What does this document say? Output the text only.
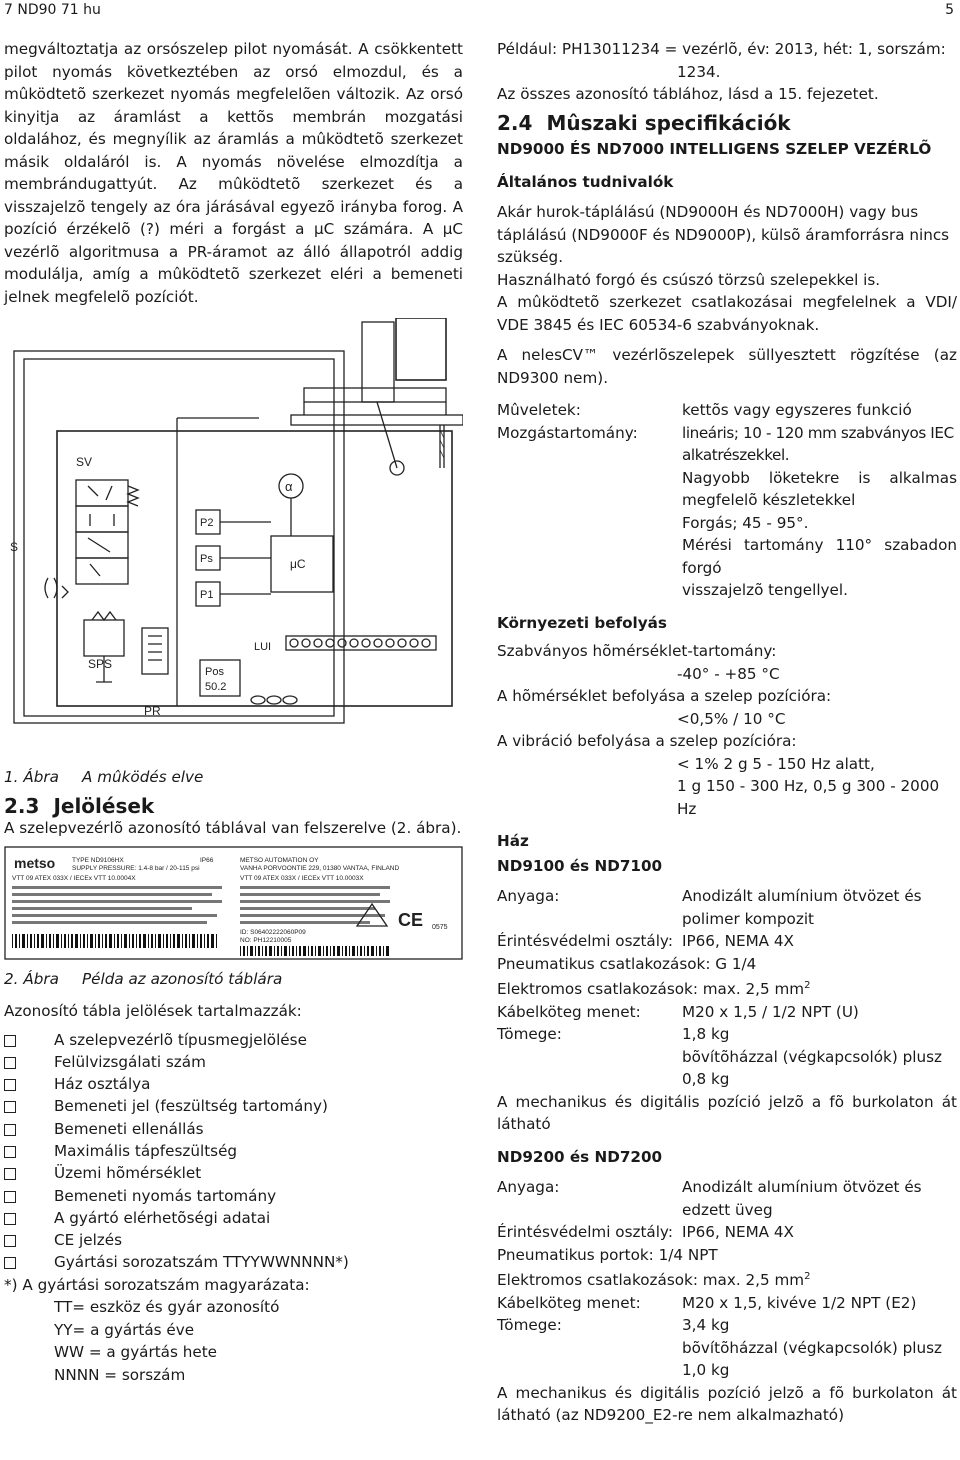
7 ND90 71 hu	5

megváltoztatja az orsószelep pilot nyomását. A csökkentett pilot nyomás következtében az orsó elmozdul, és a mûködtetõ szerkezet nyomás megfelelõen változik. Az orsó kinyitja az áramlást a kettõs membrán mozgatási oldalához, és megnyílik az áramlás a mûködtetõ szerkezet másik oldaláról is. A nyomás növelése elmozdítja a membrándugattyút. Az mûködtetõ szerkezet és a visszajelzõ tengely az óra járásával egyezõ irányba forog. A pozíció érzékelõ (?) méri a forgást a μC számára. A μC vezérlõ algoritmusa a PR-áramot az álló állapotról addig modulálja, amíg a mûködtetõ szerkezet eléri a bemeneti jelnek megfelelõ pozíciót.

SV
S
SPS
PR
P2
Ps
P1
α
μC
LUI
Pos
50.2

1. Ábra A mûködés elve

2.3 Jelölések

A szelepvezérlõ azonosító táblával van felszerelve (2. ábra).

metso	TYPE ND9106HX
SUPPLY PRESSURE: 1.4-8 bar / 20-115 psi
METSO AUTOMATION OY
VANHA PORVOONTIE 229, 01380 VANTAA, FINLAND
VTT 09 ATEX 033X / IECEx VTT 10.0004X	VTT 09 ATEX 033X / IECEx VTT 10.0003X
IP66
ID: S06402222060P09
NO: PH12210005
CE 0575

2. Ábra Példa az azonosító táblára

Azonosító tábla jelölések tartalmazzák:

A szelepvezérlõ típusmegjelölése
Felülvizsgálati szám
Ház osztálya
Bemeneti jel (feszültség tartomány)
Bemeneti ellenállás
Maximális tápfeszültség
Üzemi hõmérséklet
Bemeneti nyomás tartomány
A gyártó elérhetõségi adatai
CE jelzés
Gyártási sorozatszám TTYYWWNNNN*)

*) A gyártási sorozatszám magyarázata:

TT= eszköz és gyár azonosító

YY= a gyártás éve

WW = a gyártás hete

NNNN = sorszám

Például: PH13011234 = vezérlõ, év: 2013, hét: 1, sorszám:

1234.

Az összes azonosító táblához, lásd a 15. fejezetet.

2.4 Mûszaki specifikációk

ND9000 ÉS ND7000 INTELLIGENS SZELEP VEZÉRLÕ

Általános tudnivalók

Akár hurok-táplálású (ND9000H és ND7000H) vagy bus táplálású (ND9000F és ND9000P), külsõ áramforrásra nincs szükség.

Használható forgó és csúszó törzsû szelepekkel is.

A mûködtetõ szerkezet csatlakozásai megfelelnek a VDI/ VDE 3845 és IEC 60534-6 szabványoknak.

A nelesCV™ vezérlõszelepek süllyesztett rögzítése (az ND9300 nem).

Mûveletek:	kettõs vagy egyszeres funkció
Mozgástartomány:	lineáris; 10 - 120 mm szabványos IEC alkatrészekkel.

Nagyobb löketekre is alkalmas megfelelõ készletekkel

Forgás; 45 - 95°.

Mérési tartomány 110° szabadon forgó

visszajelzõ tengellyel.

Környezeti befolyás

Szabványos hõmérséklet-tartomány:

-40° - +85 °C

A hõmérséklet befolyása a szelep pozícióra:

<0,5% / 10 °C

A vibráció befolyása a szelep pozícióra:

< 1% 2 g 5 - 150 Hz alatt,

1 g 150 - 300 Hz, 0,5 g 300 - 2000 Hz

Ház

ND9100 és ND7100

Anyaga:	Anodizált alumínium ötvözet és polimer kompozit
Érintésvédelmi osztály: IP66, NEMA 4X

Pneumatikus csatlakozások: G 1/4

Elektromos csatlakozások: max. 2,5 $mm^2$

Kábelköteg menet:	M20 x 1,5 / 1/2 NPT (U)
Tömege:	1,8 kg

bõvítõházzal (végkapcsolók) plusz

0,8 kg

A mechanikus és digitális pozíció jelzõ a fõ burkolaton át látható

ND9200 és ND7200

Anyaga:	Anodizált alumínium ötvözet és edzett üveg
Érintésvédelmi osztály: IP66, NEMA 4X

Pneumatikus portok: 1/4 NPT

Elektromos csatlakozások: max. 2,5 $mm^2$

Kábelköteg menet:	M20 x 1,5, kivéve 1/2 NPT (E2)
Tömege:	3,4 kg

bõvítõházzal (végkapcsolók) plusz

1,0 kg

A mechanikus és digitális pozíció jelzõ a fõ burkolaton át látható (az ND9200_E2-re nem alkalmazható)
